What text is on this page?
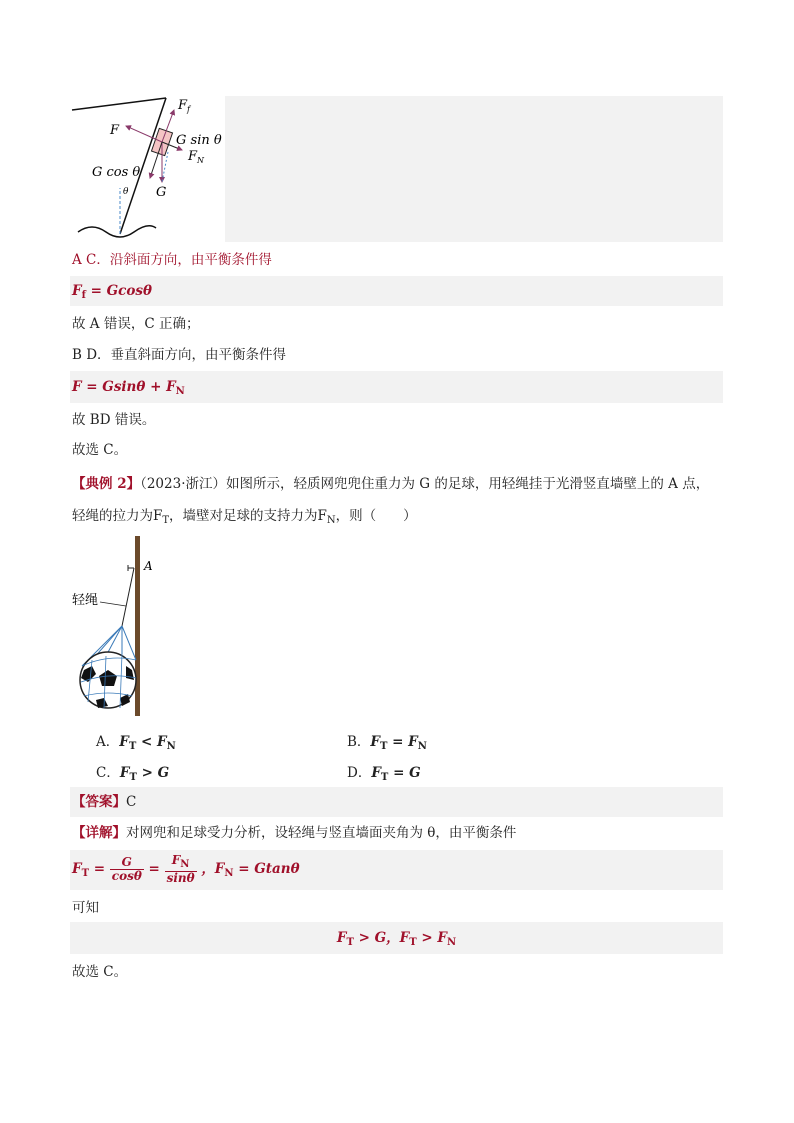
$F_f$
F
G sin θ
$F_N$
G cos θ
θ G
A C．沿斜面方向，由平衡条件得
$F_f = Gcos\theta$
故 A 错误，C 正确；
B D．垂直斜面方向，由平衡条件得
$F = Gsin\theta + F_N$
故 BD 错误。
故选 C。
【典例 2】（2023·浙江）如图所示，轻质网兜兜住重力为 G 的足球，用轻绳挂于光滑竖直墙壁上的 A 点，
轻绳的拉力为$F_T$，墙壁对足球的支持力为$F_N$，则（　　）
A
轻绳
A．$F_T < F_N$	B．$F_T = F_N$
C．$F_T > G$	D．$F_T = G$
【答案】C
【详解】对网兜和足球受力分析，设轻绳与竖直墙面夹角为 θ，由平衡条件
$F_T = \frac{G}{\cos\theta} = \frac{F_N}{\sin\theta}$ ，$F_N = Gtan\theta$
可知
$F_T > G$，$F_T > F_N$
故选 C。
